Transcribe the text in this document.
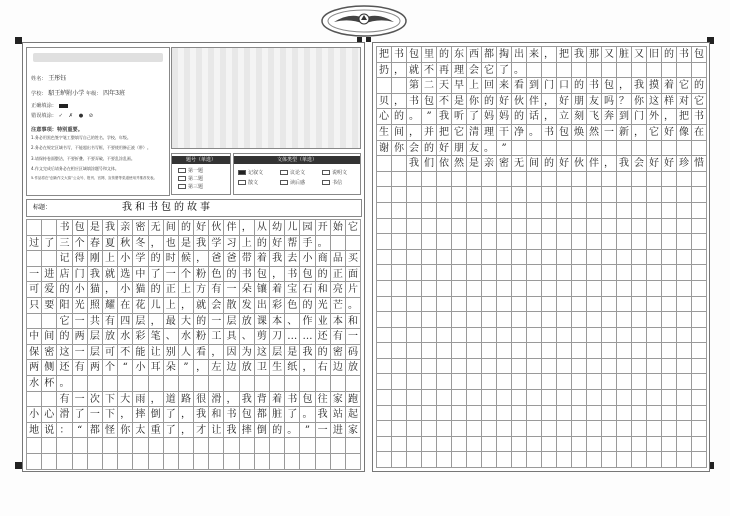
姓名： 王彤钰
学校： 駋王鲈附小学 年级： 四年3班
正确填涂：
错误填涂： ✓ ✗ ● ⊘
注意事项：特别重要。
1.务必用黑色签字笔工整填写自己的姓名、学校、年级。
2.务必在规定区域书写，不能超出书写框，不要使用修正液（带）。
3.请保持卷面整洁，不要折叠、不要弄破、不要乱涂乱画。
4.作文完成后请务必在相应区域填涂题号和文体。
5.作品将在“创新作文大赛”公众号、报刊、官网、宣传册等渠道使用并推荐发表。
题号（单选）
第一题
第二题
第三题
文体类型（单选）
记叙文	议论文	说明文
散文	读后感	书信
标题：	我和书包的故事
书 包 是 我 亲 密 无 间 的 好 伙 伴 ， 从 幼 儿 园 开 始 它
过 了 三 个 春 夏 秋 冬 ， 也 是 我 学 习 上 的 好 帮 手 。
记 得 刚 上 小 学 的 时 候 ， 爸 爸 带 着 我 去 小 商 品 买
一 进 店 门 我 就 选 中 了 一 个 粉 色 的 书 包 ， 书 包 的 正 面
可 爱 的 小 猫 ， 小 猫 的 正 上 方 有 一 朵 镶 着 宝 石 和 亮 片
只 要 阳 光 照 耀 在 花 儿 上 ， 就 会 散 发 出 彩 色 的 光 芒 。
它 一 共 有 四 层 ， 最 大 的 一 层 放 课 本 、 作 业 本 和
中 间 的 两 层 放 水 彩 笔 、 水 粉 工 具 、 剪 刀 … … 还 有 一
保 密 这 一 层 可 不 能 让 别 人 看 ， 因 为 这 层 是 我 的 密 码
两 侧 还 有 两 个 “ 小 耳 朵 ” ， 左 边 放 卫 生 纸 ， 右 边 放
水 杯 。
有 一 次 下 大 雨 ， 道 路 很 滑 ， 我 背 着 书 包 往 家 跑
小 心 滑 了 一 下 ， 摔 倒 了 ， 我 和 书 包 都 脏 了 。 我 站 起
地 说 ： “ 都 怪 你 太 重 了 ， 才 让 我 摔 倒 的 。 ” 一 进 家
把 书 包 里 的 东 西 都 掏 出 来 ， 把 我 那 又 脏 又 旧 的 书 包
扔 ， 就 不 再 理 会 它 了 。
第 二 天 早 上 回 来 看 到 门 口 的 书 包 ， 我 摸 着 它 的
贝 ， 书 包 不 是 你 的 好 伙 伴 ， 好 朋 友 吗 ？ 你 这 样 对 它
心 的 。 ” 我 听 了 妈 妈 的 话 ， 立 刻 飞 奔 到 门 外 ， 把 书
生 间 ， 并 把 它 清 理 干 净 。 书 包 焕 然 一 新 ， 它 好 像 在
谢 你 会 的 好 朋 友 。 ”
我 们 依 然 是 亲 密 无 间 的 好 伙 伴 ， 我 会 好 好 珍 惜
